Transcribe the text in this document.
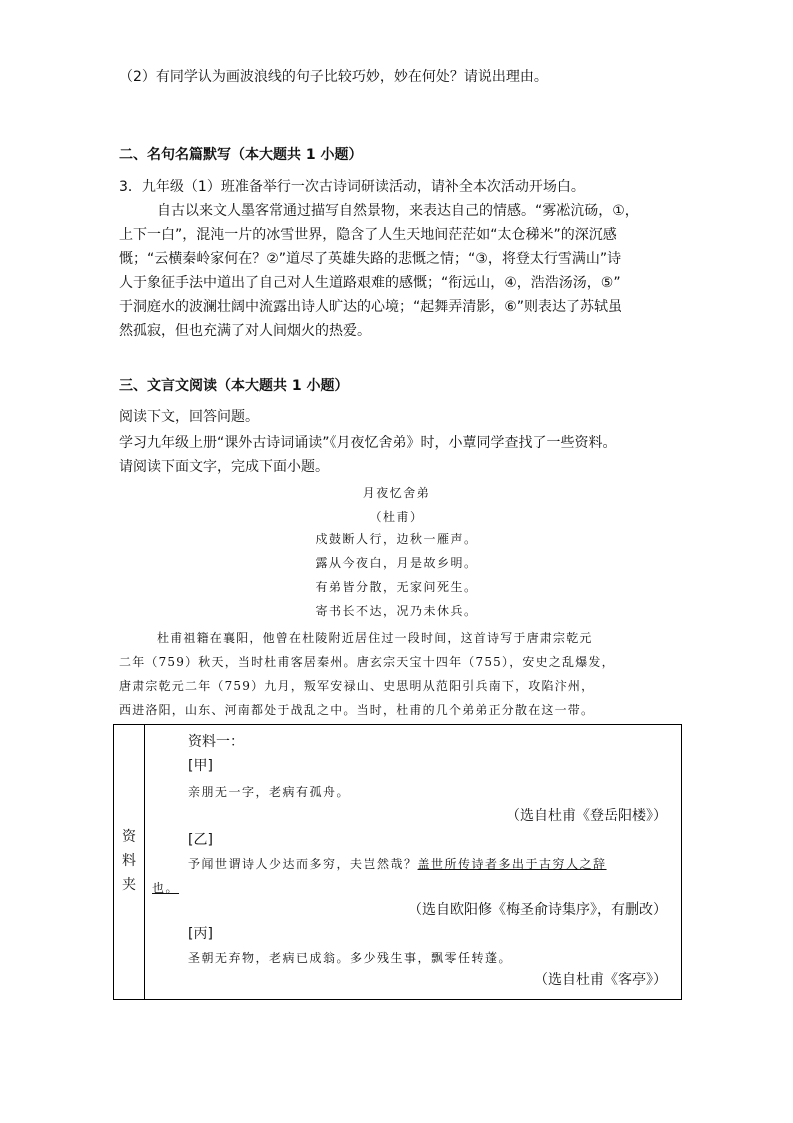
（2）有同学认为画波浪线的句子比较巧妙，妙在何处？请说出理由。

二、名句名篇默写（本大题共 1 小题）

3．九年级（1）班准备举行一次古诗词研读活动，请补全本次活动开场白。

自古以来文人墨客常通过描写自然景物，来表达自己的情感。“雾凇沆砀，①，

上下一白”，混沌一片的冰雪世界，隐含了人生天地间茫茫如“太仓稊米”的深沉感

慨；“云横秦岭家何在？②”道尽了英雄失路的悲慨之情；“③，将登太行雪满山”诗

人于象征手法中道出了自己对人生道路艰难的感慨；“衔远山，④，浩浩汤汤，⑤”

于洞庭水的波澜壮阔中流露出诗人旷达的心境；“起舞弄清影，⑥”则表达了苏轼虽

然孤寂，但也充满了对人间烟火的热爱。

三、文言文阅读（本大题共 1 小题）

阅读下文，回答问题。

学习九年级上册“课外古诗词诵读”《月夜忆舍弟》时，小蕈同学查找了一些资料。

请阅读下面文字，完成下面小题。

月夜忆舍弟

（杜甫）

戍鼓断人行，边秋一雁声。

露从今夜白，月是故乡明。

有弟皆分散，无家问死生。

寄书长不达，况乃未休兵。

杜甫祖籍在襄阳，他曾在杜陵附近居住过一段时间，这首诗写于唐肃宗乾元

二年（759）秋天，当时杜甫客居秦州。唐玄宗天宝十四年（755），安史之乱爆发，

唐肃宗乾元二年（759）九月，叛军安禄山、史思明从范阳引兵南下，攻陷汴州，

西进洛阳，山东、河南都处于战乱之中。当时，杜甫的几个弟弟正分散在这一带。

资
料
夹

资料一：

[甲]

亲朋无一字，老病有孤舟。

（选自杜甫《登岳阳楼》）

[乙]

予闻世谓诗人少达而多穷，夫岂然哉？盖世所传诗者多出于古穷人之辞

也。

（选自欧阳修《梅圣俞诗集序》，有删改）

[丙]

圣朝无弃物，老病已成翁。多少残生事，飘零任转蓬。

（选自杜甫《客亭》）
